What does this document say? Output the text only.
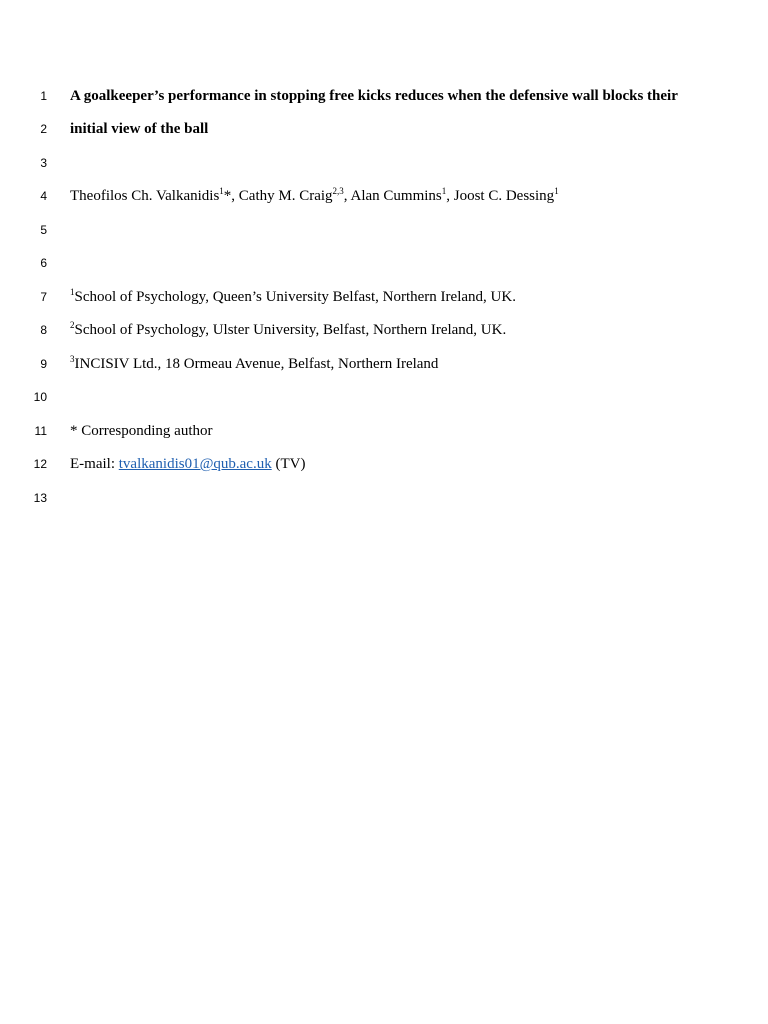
1
2
3
4
5
6
7
8
9
10
11
12
13
A goalkeeper’s performance in stopping free kicks reduces when the defensive wall blocks their
initial view of the ball
Theofilos Ch. Valkanidis$^1$*, Cathy M. Craig$^{2,3}$, Alan Cummins$^1$, Joost C. Dessing$^1$
$^1$School of Psychology, Queen’s University Belfast, Northern Ireland, UK.
$^2$School of Psychology, Ulster University, Belfast, Northern Ireland, UK.
$^3$INCISIV Ltd., 18 Ormeau Avenue, Belfast, Northern Ireland
* Corresponding author
E-mail: tvalkanidis01@qub.ac.uk (TV)
